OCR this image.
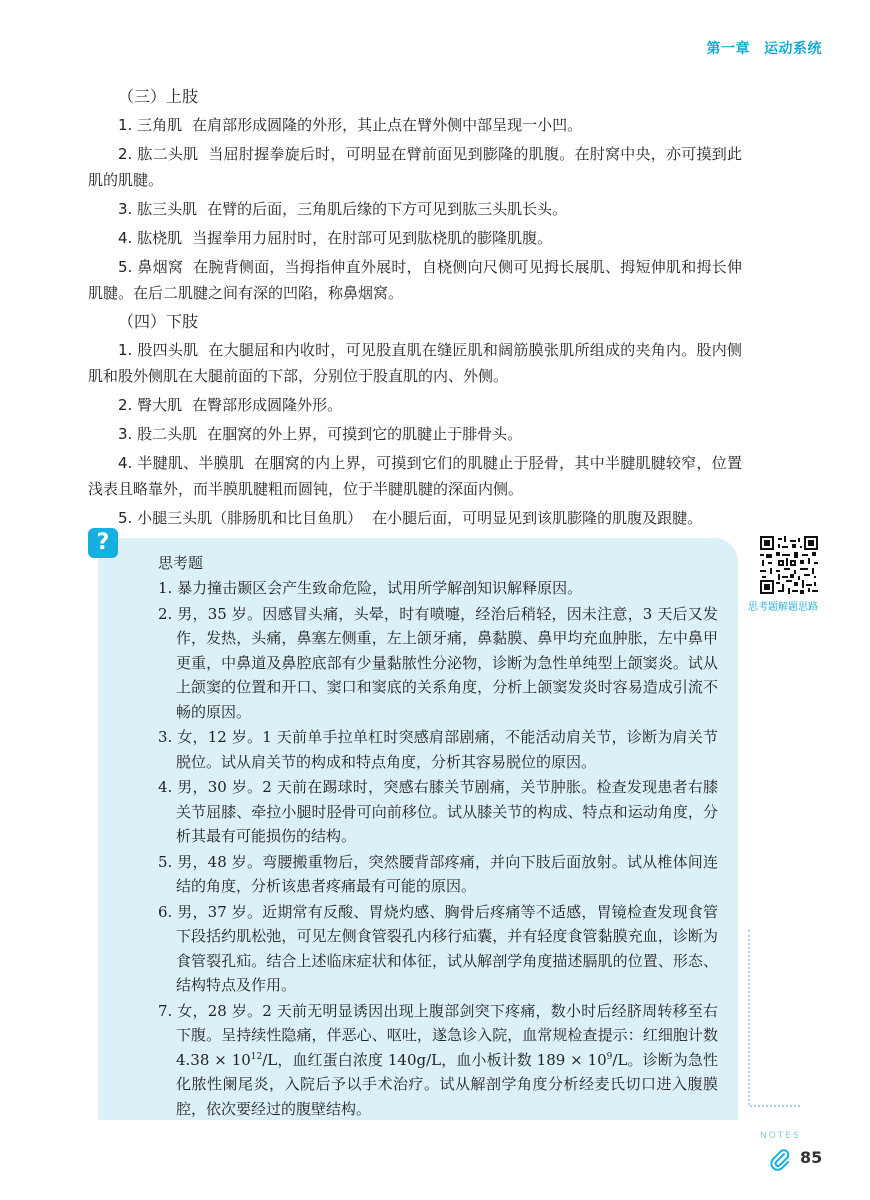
第一章 运动系统
（三）上肢

1. 三角肌 在肩部形成圆隆的外形，其止点在臂外侧中部呈现一小凹。

2. 肱二头肌 当屈肘握拳旋后时，可明显在臂前面见到膨隆的肌腹。在肘窝中央，亦可摸到此肌的肌腱。

3. 肱三头肌 在臂的后面，三角肌后缘的下方可见到肱三头肌长头。

4. 肱桡肌 当握拳用力屈肘时，在肘部可见到肱桡肌的膨隆肌腹。

5. 鼻烟窝 在腕背侧面，当拇指伸直外展时，自桡侧向尺侧可见拇长展肌、拇短伸肌和拇长伸肌腱。在后二肌腱之间有深的凹陷，称鼻烟窝。

（四）下肢

1. 股四头肌 在大腿屈和内收时，可见股直肌在缝匠肌和阔筋膜张肌所组成的夹角内。股内侧肌和股外侧肌在大腿前面的下部，分别位于股直肌的内、外侧。

2. 臀大肌 在臀部形成圆隆外形。

3. 股二头肌 在腘窝的外上界，可摸到它的肌腱止于腓骨头。

4. 半腱肌、半膜肌 在腘窝的内上界，可摸到它们的肌腱止于胫骨，其中半腱肌腱较窄，位置浅表且略靠外，而半膜肌腱粗而圆钝，位于半腱肌腱的深面内侧。

5. 小腿三头肌（腓肠肌和比目鱼肌） 在小腿后面，可明显见到该肌膨隆的肌腹及跟腱。

?
思考题
1. 暴力撞击颞区会产生致命危险，试用所学解剖知识解释原因。
2. 男，35 岁。因感冒头痛，头晕，时有喷嚏，经治后稍轻，因未注意，3 天后又发作，发热，头痛，鼻塞左侧重，左上颌牙痛，鼻黏膜、鼻甲均充血肿胀，左中鼻甲更重，中鼻道及鼻腔底部有少量黏脓性分泌物，诊断为急性单纯型上颌窦炎。试从上颌窦的位置和开口、窦口和窦底的关系角度，分析上颌窦发炎时容易造成引流不畅的原因。
3. 女，12 岁。1 天前单手拉单杠时突感肩部剧痛，不能活动肩关节，诊断为肩关节脱位。试从肩关节的构成和特点角度，分析其容易脱位的原因。
4. 男，30 岁。2 天前在踢球时，突感右膝关节剧痛，关节肿胀。检查发现患者右膝关节屈膝、牵拉小腿时胫骨可向前移位。试从膝关节的构成、特点和运动角度，分析其最有可能损伤的结构。
5. 男，48 岁。弯腰搬重物后，突然腰背部疼痛，并向下肢后面放射。试从椎体间连结的角度，分析该患者疼痛最有可能的原因。
6. 男，37 岁。近期常有反酸、胃烧灼感、胸骨后疼痛等不适感，胃镜检查发现食管下段括约肌松弛，可见左侧食管裂孔内移行疝囊，并有轻度食管黏膜充血，诊断为食管裂孔疝。结合上述临床症状和体征，试从解剖学角度描述膈肌的位置、形态、结构特点及作用。
7. 女，28 岁。2 天前无明显诱因出现上腹部剑突下疼痛，数小时后经脐周转移至右下腹。呈持续性隐痛，伴恶心、呕吐，遂急诊入院，血常规检查提示：红细胞计数 $4.38 \times 10^{12}/L$，血红蛋白浓度 140g/L，血小板计数 $189 \times 10^9/L$。诊断为急性化脓性阑尾炎，入院后予以手术治疗。试从解剖学角度分析经麦氏切口进入腹膜腔，依次要经过的腹壁结构。
思考题解题思路
NOTES
85
